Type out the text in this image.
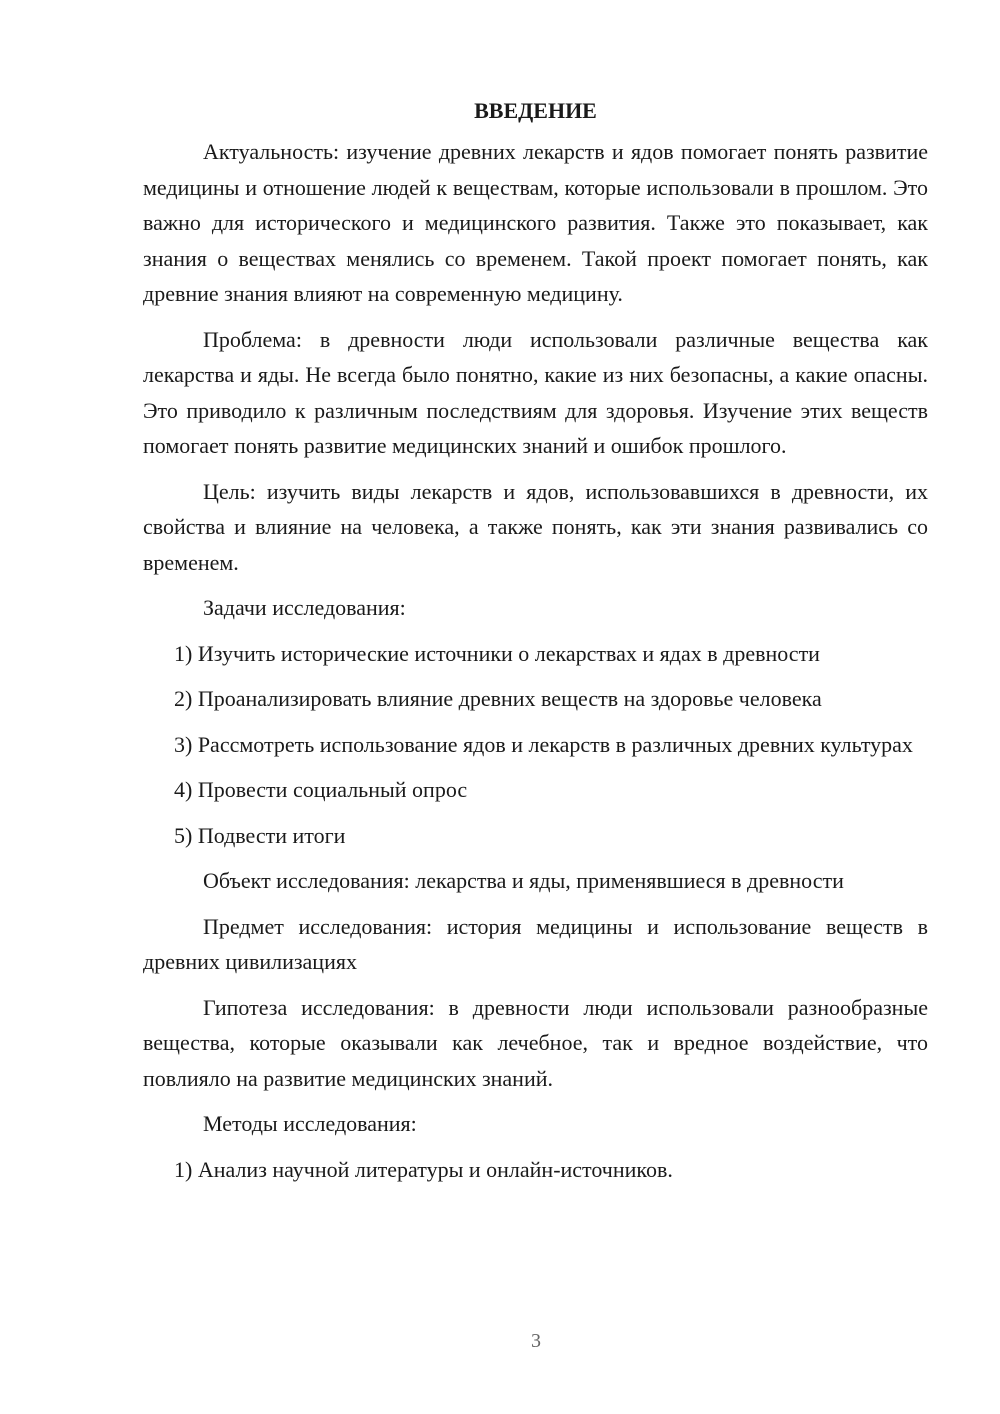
ВВЕДЕНИЕ

Актуальность: изучение древних лекарств и ядов помогает понять развитие медицины и отношение людей к веществам, которые использовали в прошлом. Это важно для исторического и медицинского развития. Также это показывает, как знания о веществах менялись со временем. Такой проект помогает понять, как древние знания влияют на современную медицину.

Проблема: в древности люди использовали различные вещества как лекарства и яды. Не всегда было понятно, какие из них безопасны, а какие опасны. Это приводило к различным последствиям для здоровья. Изучение этих веществ помогает понять развитие медицинских знаний и ошибок прошлого.

Цель: изучить виды лекарств и ядов, использовавшихся в древности, их свойства и влияние на человека, а также понять, как эти знания развивались со временем.

Задачи исследования:

1) Изучить исторические источники о лекарствах и ядах в древности

2) Проанализировать влияние древних веществ на здоровье человека

3) Рассмотреть использование ядов и лекарств в различных древних культурах

4) Провести социальный опрос

5) Подвести итоги

Объект исследования: лекарства и яды, применявшиеся в древности

Предмет исследования: история медицины и использование веществ в древних цивилизациях

Гипотеза исследования: в древности люди использовали разнообразные вещества, которые оказывали как лечебное, так и вредное воздействие, что повлияло на развитие медицинских знаний.

Методы исследования:

1) Анализ научной литературы и онлайн-источников.

3
